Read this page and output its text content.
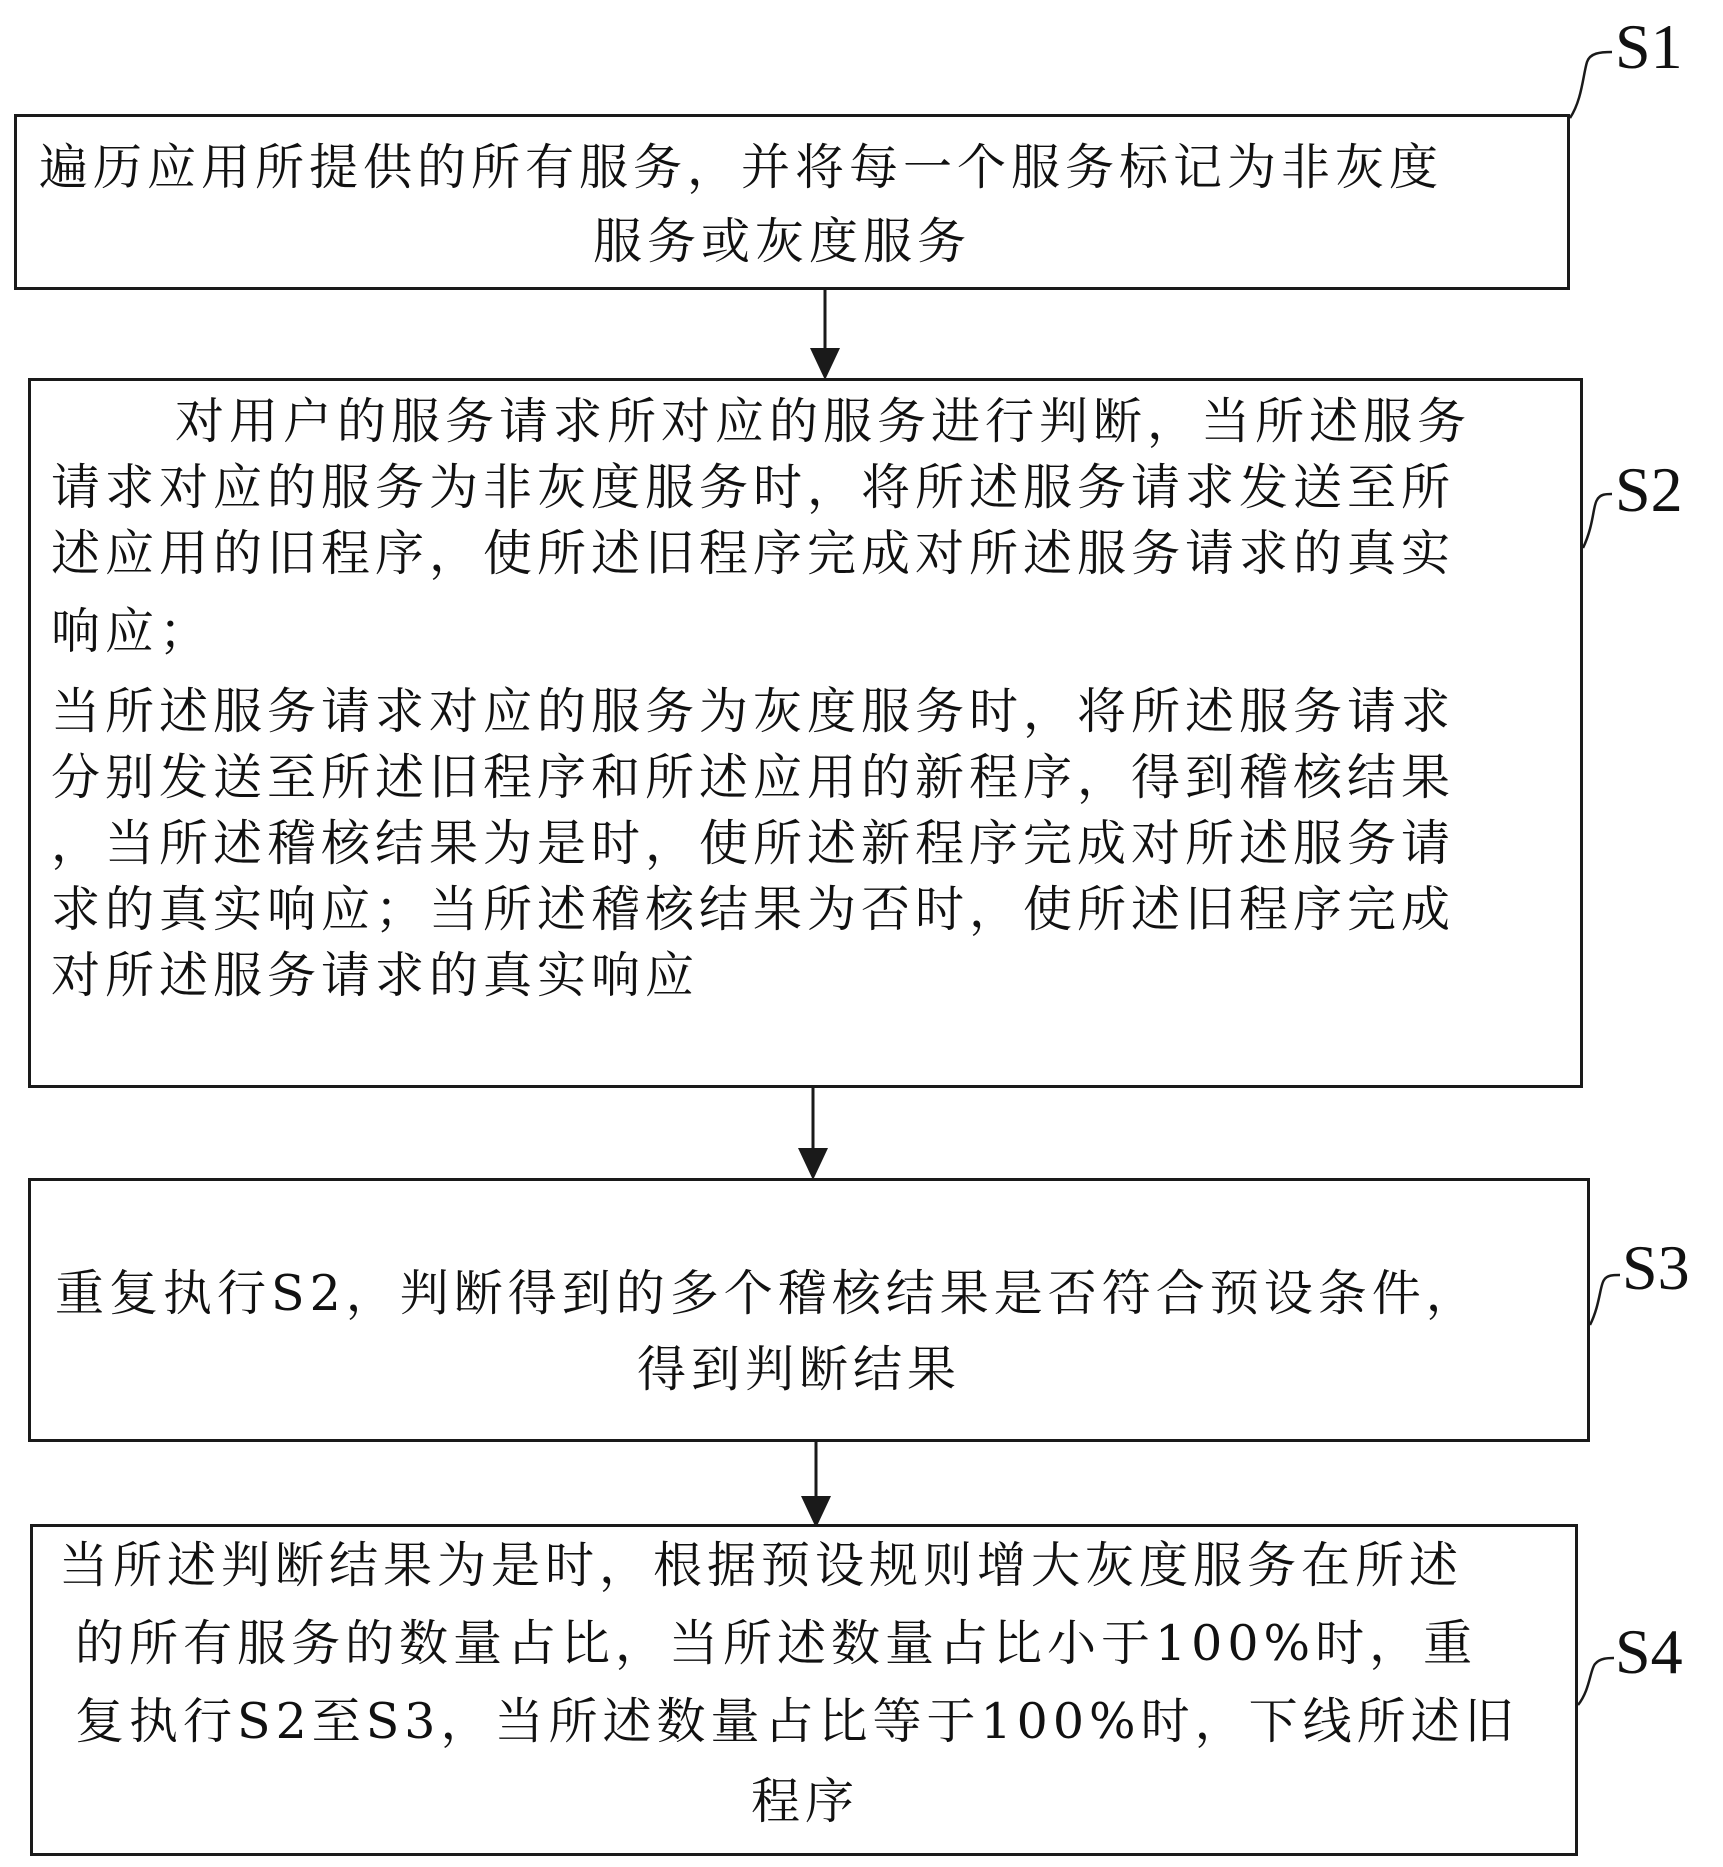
遍历应用所提供的所有服务，并将每一个服务标记为非灰度
服务或灰度服务
S1
对用户的服务请求所对应的服务进行判断，当所述服务
请求对应的服务为非灰度服务时，将所述服务请求发送至所
述应用的旧程序，使所述旧程序完成对所述服务请求的真实
响应；
当所述服务请求对应的服务为灰度服务时，将所述服务请求
分别发送至所述旧程序和所述应用的新程序，得到稽核结果
，当所述稽核结果为是时，使所述新程序完成对所述服务请
求的真实响应；当所述稽核结果为否时，使所述旧程序完成
对所述服务请求的真实响应
S2
重复执行S2，判断得到的多个稽核结果是否符合预设条件，
得到判断结果
S3
当所述判断结果为是时，根据预设规则增大灰度服务在所述
的所有服务的数量占比，当所述数量占比小于100%时，重
复执行S2至S3，当所述数量占比等于100%时，下线所述旧
程序
S4
